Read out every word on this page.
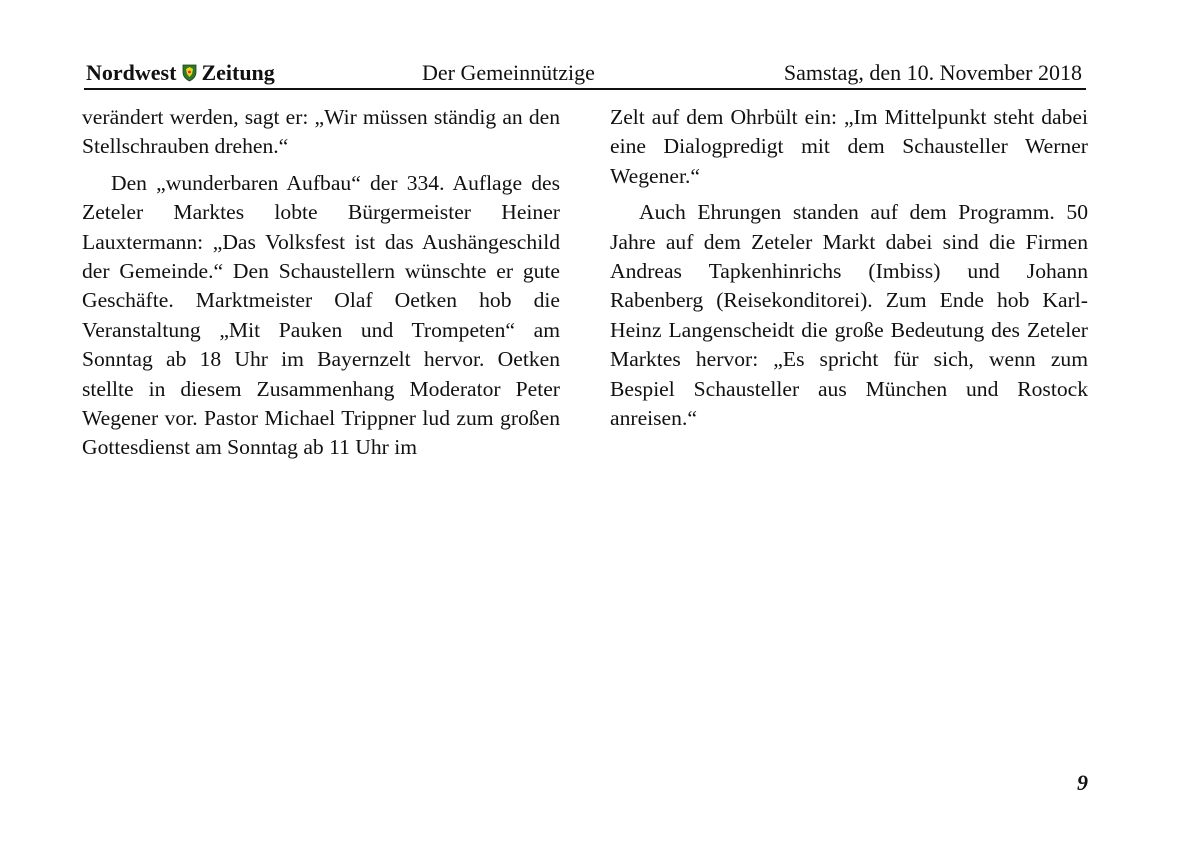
Nordwest Zeitung	Der Gemeinnützige	Samstag, den 10. November 2018

verändert werden, sagt er: „Wir müssen ständig an den Stellschrauben drehen.“

Den „wunderbaren Aufbau“ der 334. Auflage des Zeteler Marktes lobte Bürgermeister Heiner Lauxtermann: „Das Volksfest ist das Aushängeschild der Gemeinde.“ Den Schaustellern wünschte er gute Geschäfte. Marktmeister Olaf Oetken hob die Veranstaltung „Mit Pauken und Trompeten“ am Sonntag ab 18 Uhr im Bayernzelt hervor. Oetken stellte in diesem Zusammenhang Moderator Peter Wegener vor. Pastor Michael Trippner lud zum großen Gottesdienst am Sonntag ab 11 Uhr im

Zelt auf dem Ohrbült ein: „Im Mittelpunkt steht dabei eine Dialogpredigt mit dem Schausteller Werner Wegener.“

Auch Ehrungen standen auf dem Programm. 50 Jahre auf dem Zeteler Markt dabei sind die Firmen Andreas Tapkenhinrichs (Imbiss) und Johann Rabenberg (Reisekonditorei). Zum Ende hob Karl-Heinz Langenscheidt die große Bedeutung des Zeteler Marktes hervor: „Es spricht für sich, wenn zum Bespiel Schausteller aus München und Rostock anreisen.“

9
